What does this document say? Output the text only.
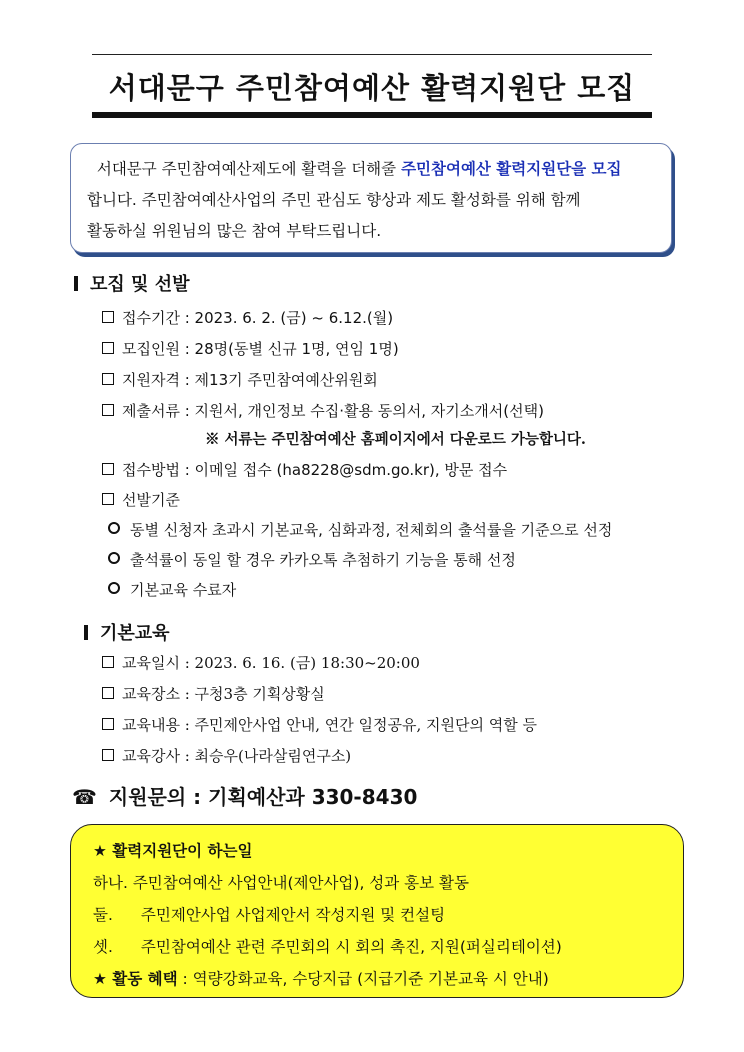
서대문구 주민참여예산 활력지원단 모집

서대문구 주민참여예산제도에 활력을 더해줄 주민참여예산 활력지원단을 모집

합니다. 주민참여예산사업의 주민 관심도 향상과 제도 활성화를 위해 함께

활동하실 위원님의 많은 참여 부탁드립니다.

모집 및 선발
접수기간 : 2023. 6. 2. (금) ~ 6.12.(월)
모집인원 : 28명(동별 신규 1명, 연임 1명)
지원자격 : 제13기 주민참여예산위원회
제출서류 : 지원서, 개인정보 수집·활용 동의서, 자기소개서(선택)
※ 서류는 주민참여예산 홈페이지에서 다운로드 가능합니다.
접수방법 : 이메일 접수 (ha8228@sdm.go.kr), 방문 접수
선발기준
동별 신청자 초과시 기본교육, 심화과정, 전체회의 출석률을 기준으로 선정
출석률이 동일 할 경우 카카오톡 추첨하기 기능을 통해 선정
기본교육 수료자
기본교육
교육일시 : 2023. 6. 16. (금) 18:30~20:00
교육장소 : 구청3층 기획상황실
교육내용 : 주민제안사업 안내, 연간 일정공유, 지원단의 역할 등
교육강사 : 최승우(나라살림연구소)
☎ 지원문의 : 기획예산과 330-8430
★ 활력지원단이 하는일
하나. 주민참여예산 사업안내(제안사업), 성과 홍보 활동
둘. 주민제안사업 사업제안서 작성지원 및 컨설팅
셋. 주민참여예산 관련 주민회의 시 회의 촉진, 지원(퍼실리테이션)
★ 활동 혜택 : 역량강화교육, 수당지급 (지급기준 기본교육 시 안내)
